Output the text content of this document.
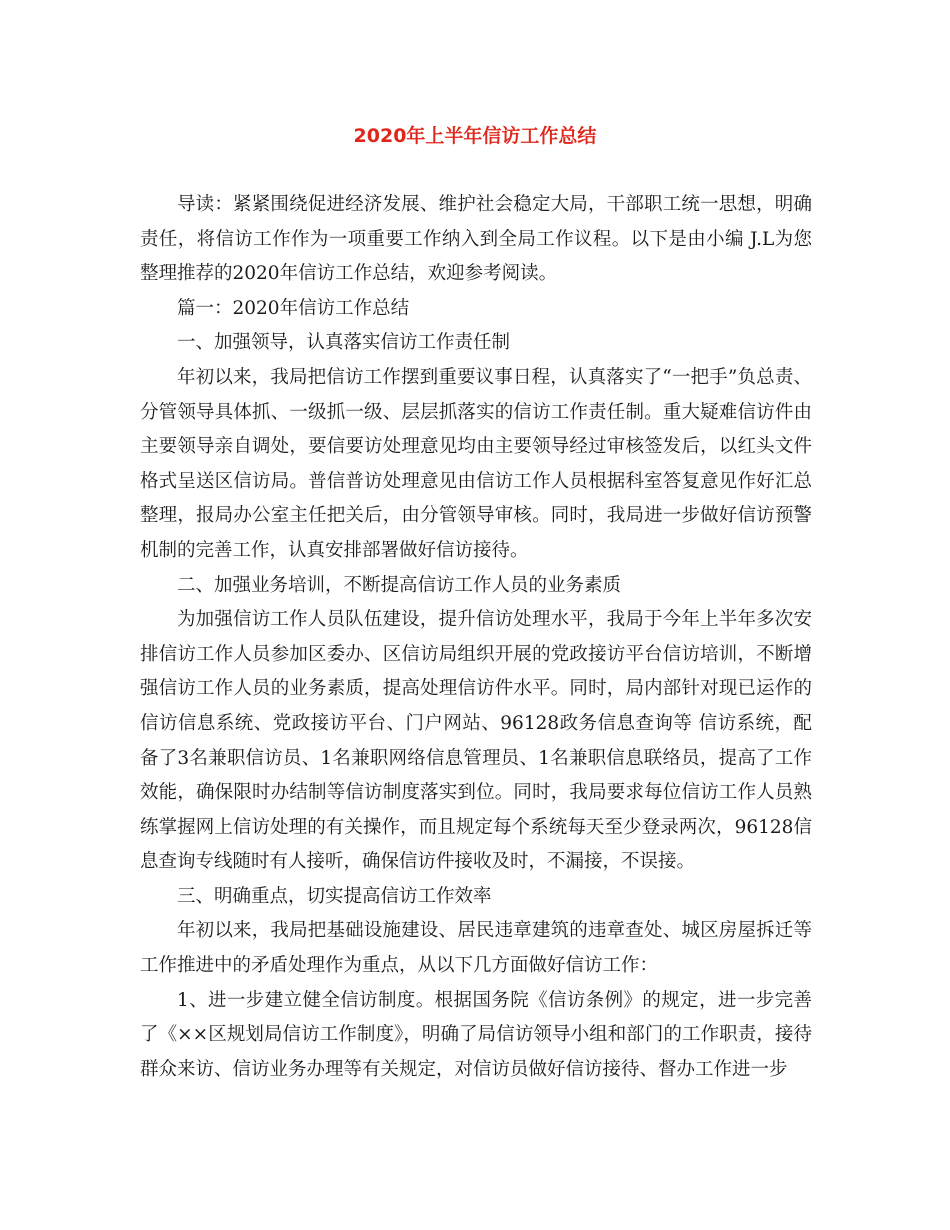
2020年上半年信访工作总结

导读：紧紧围绕促进经济发展、维护社会稳定大局，干部职工统一思想，明确责任，将信访工作作为一项重要工作纳入到全局工作议程。以下是由小编 J.L为您整理推荐的2020年信访工作总结，欢迎参考阅读。

篇一：2020年信访工作总结

一、加强领导，认真落实信访工作责任制

年初以来，我局把信访工作摆到重要议事日程，认真落实了“一把手”负总责、分管领导具体抓、一级抓一级、层层抓落实的信访工作责任制。重大疑难信访件由主要领导亲自调处，要信要访处理意见均由主要领导经过审核签发后，以红头文件格式呈送区信访局。普信普访处理意见由信访工作人员根据科室答复意见作好汇总整理，报局办公室主任把关后，由分管领导审核。同时，我局进一步做好信访预警机制的完善工作，认真安排部署做好信访接待。

二、加强业务培训，不断提高信访工作人员的业务素质

为加强信访工作人员队伍建设，提升信访处理水平，我局于今年上半年多次安排信访工作人员参加区委办、区信访局组织开展的党政接访平台信访培训，不断增强信访工作人员的业务素质，提高处理信访件水平。同时，局内部针对现已运作的信访信息系统、党政接访平台、门户网站、96128政务信息查询等 信访系统，配备了3名兼职信访员、1名兼职网络信息管理员、1名兼职信息联络员，提高了工作效能，确保限时办结制等信访制度落实到位。同时，我局要求每位信访工作人员熟练掌握网上信访处理的有关操作，而且规定每个系统每天至少登录两次，96128信息查询专线随时有人接听，确保信访件接收及时，不漏接，不误接。

三、明确重点，切实提高信访工作效率

年初以来，我局把基础设施建设、居民违章建筑的违章查处、城区房屋拆迁等工作推进中的矛盾处理作为重点，从以下几方面做好信访工作：

1、进一步建立健全信访制度。根据国务院《信访条例》的规定，进一步完善了《××区规划局信访工作制度》，明确了局信访领导小组和部门的工作职责，接待群众来访、信访业务办理等有关规定，对信访员做好信访接待、督办工作进一步
